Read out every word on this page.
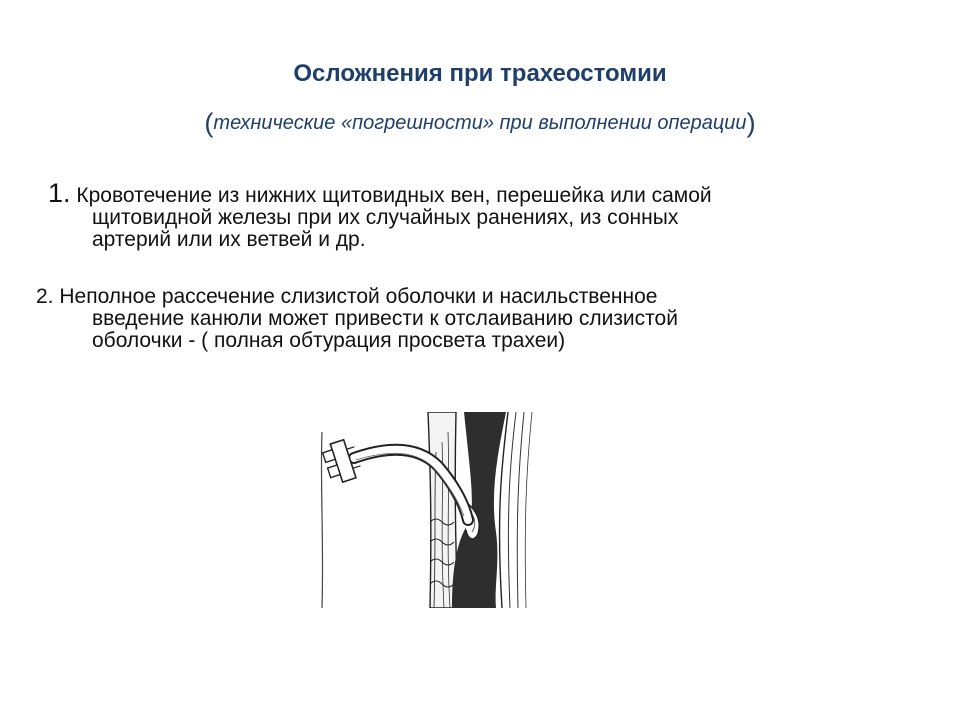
Осложнения при трахеостомии
(технические «погрешности» при выполнении операции)
1. Кровотечение из нижних щитовидных вен, перешейка или самой
щитовидной железы при их случайных ранениях, из сонных
артерий или их ветвей и др.
2. Неполное рассечение слизистой оболочки и насильственное
введение канюли может привести к отслаиванию слизистой
оболочки - ( полная обтурация просвета трахеи)
